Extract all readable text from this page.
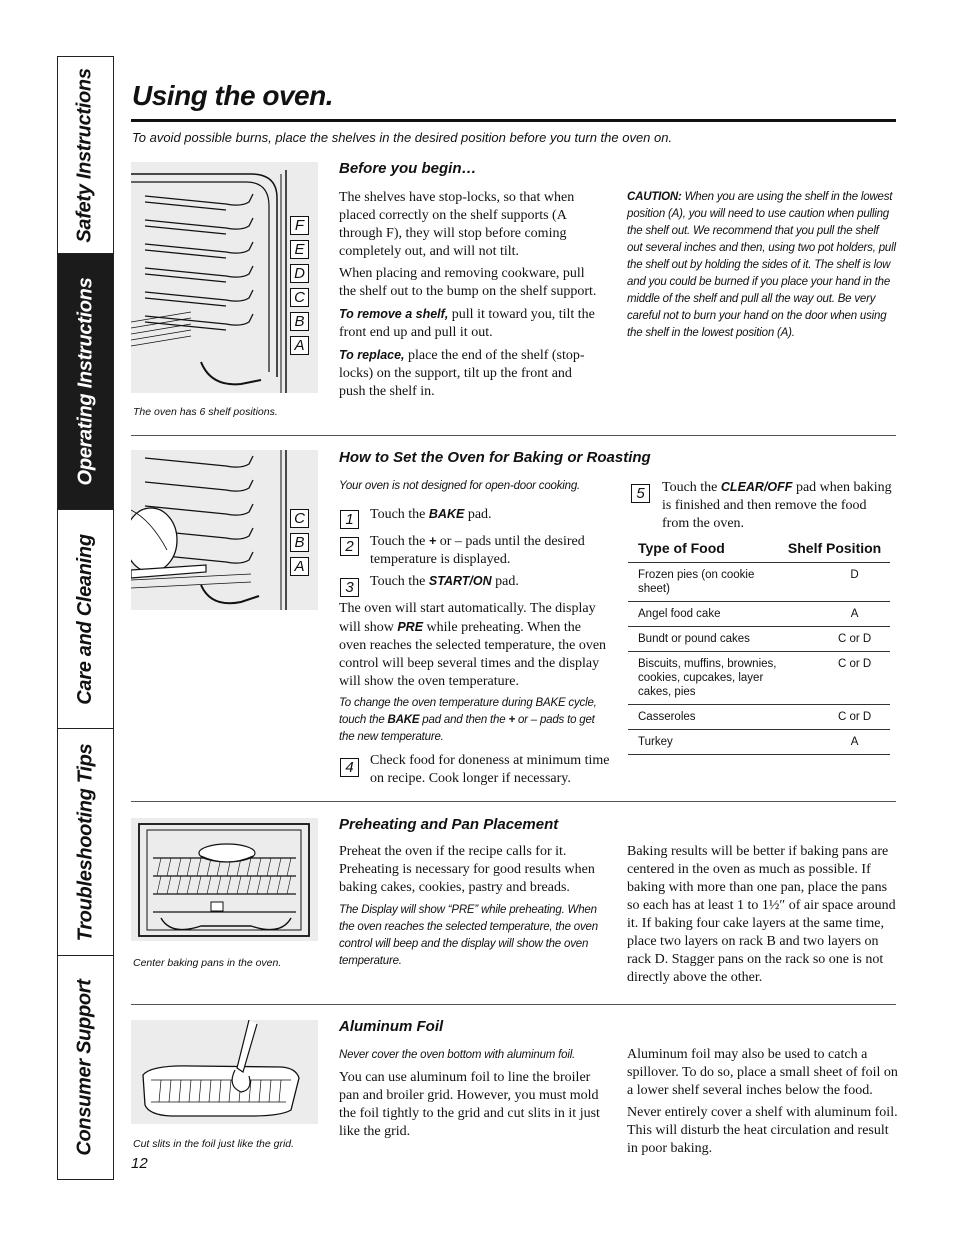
Safety Instructions
Operating Instructions
Care and Cleaning
Troubleshooting Tips
Consumer Support
Using the oven.
To avoid possible burns, place the shelves in the desired position before you turn the oven on.
F
E
D
C
B
A
The oven has 6 shelf positions.
Before you begin…
The shelves have stop-locks, so that when placed correctly on the shelf supports (A through F), they will stop before coming completely out, and will not tilt.
When placing and removing cookware, pull the shelf out to the bump on the shelf support.
To remove a shelf, pull it toward you, tilt the front end up and pull it out.
To replace, place the end of the shelf (stop-locks) on the support, tilt up the front and push the shelf in.
CAUTION: When you are using the shelf in the lowest position (A), you will need to use caution when pulling the shelf out. We recommend that you pull the shelf out several inches and then, using two pot holders, pull the shelf out by holding the sides of it. The shelf is low and you could be burned if you place your hand in the middle of the shelf and pull all the way out. Be very careful not to burn your hand on the door when using the shelf in the lowest position (A).
C
B
A
How to Set the Oven for Baking or Roasting
Your oven is not designed for open-door cooking.
1	Touch the BAKE pad.
2	Touch the + or – pads until the desired temperature is displayed.
3	Touch the START/ON pad.
The oven will start automatically. The display will show PRE while preheating. When the oven reaches the selected temperature, the oven control will beep several times and the display will show the oven temperature.
To change the oven temperature during BAKE cycle, touch the BAKE pad and then the + or – pads to get the new temperature.
4	Check food for doneness at minimum time on recipe. Cook longer if necessary.
5	Touch the CLEAR/OFF pad when baking is finished and then remove the food from the oven.
Type of Food	Shelf Position
Frozen pies (on cookie sheet)	D
Angel food cake	A
Bundt or pound cakes	C or D
Biscuits, muffins, brownies, cookies, cupcakes, layer cakes, pies	C or D
Casseroles	C or D
Turkey	A
Center baking pans in the oven.
Preheating and Pan Placement
Preheat the oven if the recipe calls for it. Preheating is necessary for good results when baking cakes, cookies, pastry and breads.
The Display will show “PRE” while preheating. When the oven reaches the selected temperature, the oven control will beep and the display will show the oven temperature.
Baking results will be better if baking pans are centered in the oven as much as possible. If baking with more than one pan, place the pans so each has at least 1 to 1½″ of air space around it. If baking four cake layers at the same time, place two layers on rack B and two layers on rack D. Stagger pans on the rack so one is not directly above the other.
Cut slits in the foil just like the grid.
Aluminum Foil
Never cover the oven bottom with aluminum foil.
You can use aluminum foil to line the broiler pan and broiler grid. However, you must mold the foil tightly to the grid and cut slits in it just like the grid.
Aluminum foil may also be used to catch a spillover. To do so, place a small sheet of foil on a lower shelf several inches below the food.
Never entirely cover a shelf with aluminum foil. This will disturb the heat circulation and result in poor baking.
12
